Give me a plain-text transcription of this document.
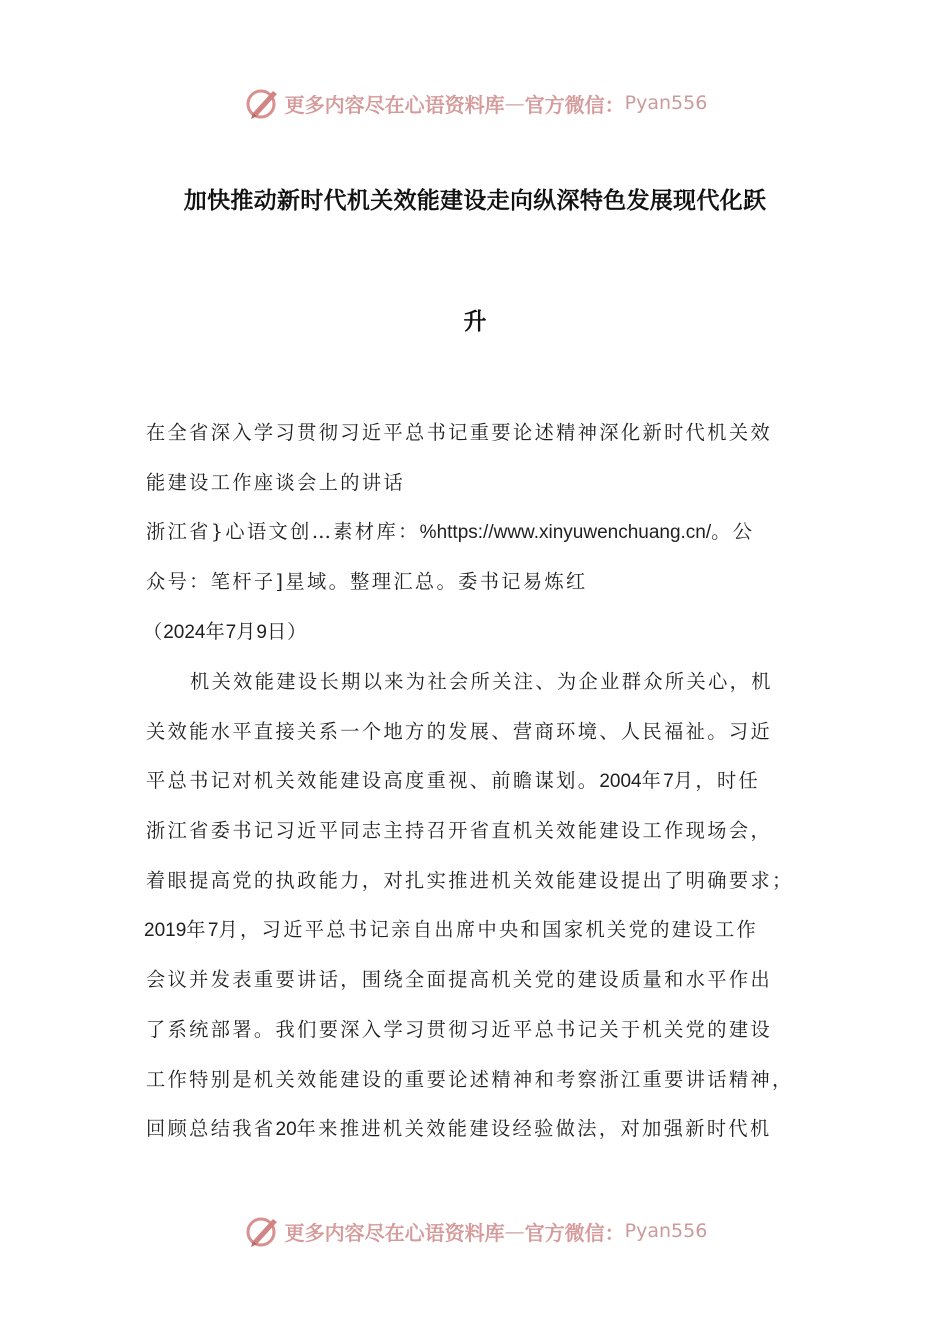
更多内容尽在心语资料库 — 官方微信： Pyan556
加快推动新时代机关效能建设走向纵深特色发展现代化跃
升
在全省深入学习贯彻习近平总书记重要论述精神深化新时代机关效
能建设工作座谈会上的讲话
浙江省}心语文创…素材库：%https://www.xinyuwenchuang.cn/。公
众号：笔杆子]星域。整理汇总。委书记易炼红
（2024年7月9日）
机关效能建设长期以来为社会所关注、为企业群众所关心，机
关效能水平直接关系一个地方的发展、营商环境、人民福祉。习近
平总书记对机关效能建设高度重视、前瞻谋划。2004年7月，时任
浙江省委书记习近平同志主持召开省直机关效能建设工作现场会，
着眼提高党的执政能力，对扎实推进机关效能建设提出了明确要求；
2019年7月，习近平总书记亲自出席中央和国家机关党的建设工作
会议并发表重要讲话，围绕全面提高机关党的建设质量和水平作出
了系统部署。我们要深入学习贯彻习近平总书记关于机关党的建设
工作特别是机关效能建设的重要论述精神和考察浙江重要讲话精神，
回顾总结我省20年来推进机关效能建设经验做法，对加强新时代机
更多内容尽在心语资料库 — 官方微信： Pyan556
